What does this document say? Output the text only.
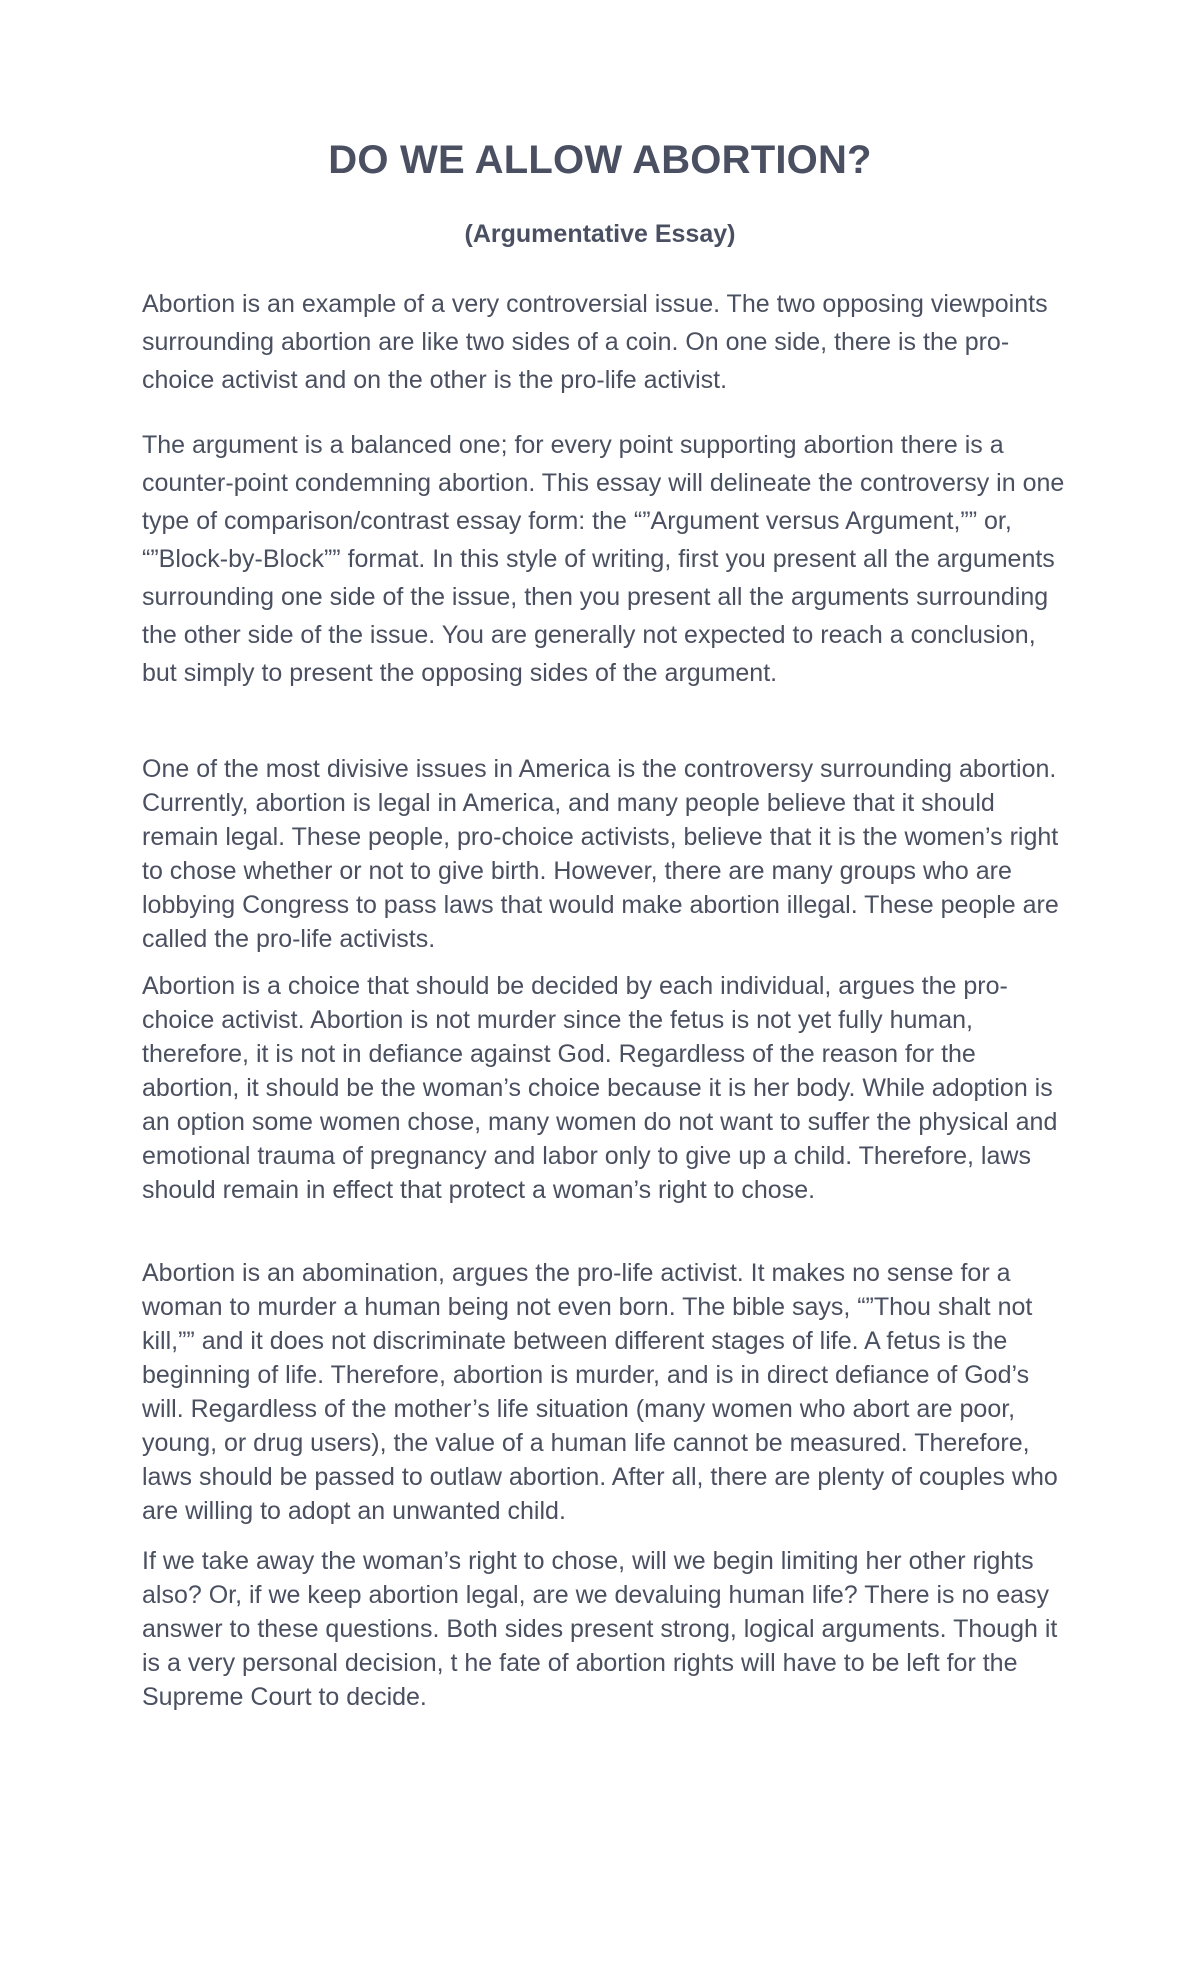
DO WE ALLOW ABORTION?
(Argumentative Essay)

Abortion is an example of a very controversial issue. The two opposing viewpoints surrounding abortion are like two sides of a coin. On one side, there is the pro-choice activist and on the other is the pro-life activist.

The argument is a balanced one; for every point supporting abortion there is a counter-point condemning abortion. This essay will delineate the controversy in one type of comparison/contrast essay form: the “”Argument versus Argument,”” or, “”Block-by-Block”” format. In this style of writing, first you present all the arguments surrounding one side of the issue, then you present all the arguments surrounding the other side of the issue. You are generally not expected to reach a conclusion, but simply to present the opposing sides of the argument.

One of the most divisive issues in America is the controversy surrounding abortion. Currently, abortion is legal in America, and many people believe that it should remain legal. These people, pro-choice activists, believe that it is the women’s right to chose whether or not to give birth. However, there are many groups who are lobbying Congress to pass laws that would make abortion illegal. These people are called the pro-life activists.

Abortion is a choice that should be decided by each individual, argues the pro-choice activist. Abortion is not murder since the fetus is not yet fully human, therefore, it is not in defiance against God. Regardless of the reason for the abortion, it should be the woman’s choice because it is her body. While adoption is an option some women chose, many women do not want to suffer the physical and emotional trauma of pregnancy and labor only to give up a child. Therefore, laws should remain in effect that protect a woman’s right to chose.

Abortion is an abomination, argues the pro-life activist. It makes no sense for a woman to murder a human being not even born. The bible says, “”Thou shalt not kill,”” and it does not discriminate between different stages of life. A fetus is the beginning of life. Therefore, abortion is murder, and is in direct defiance of God’s will. Regardless of the mother’s life situation (many women who abort are poor, young, or drug users), the value of a human life cannot be measured. Therefore, laws should be passed to outlaw abortion. After all, there are plenty of couples who are willing to adopt an unwanted child.

If we take away the woman’s right to chose, will we begin limiting her other rights also? Or, if we keep abortion legal, are we devaluing human life? There is no easy answer to these questions. Both sides present strong, logical arguments. Though it is a very personal decision, t he fate of abortion rights will have to be left for the Supreme Court to decide.
